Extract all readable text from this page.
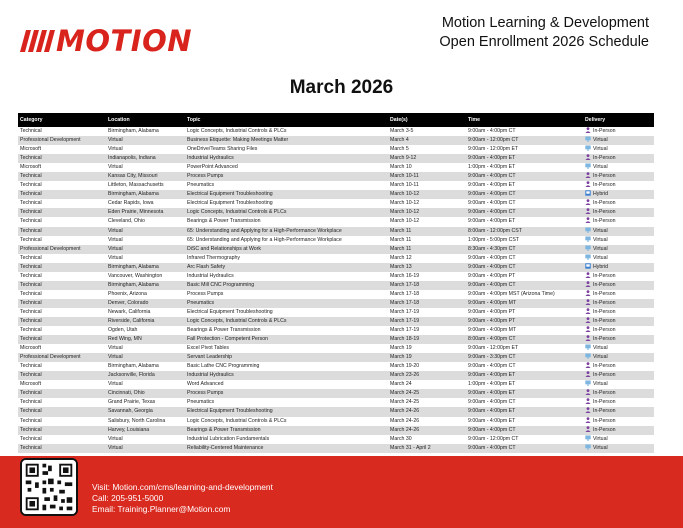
MOTION
Motion Learning & Development
Open Enrollment 2026 Schedule
March 2026
Category	Location	Topic	Date(s)	Time	Delivery
Technical	Birmingham, Alabama	Logic Concepts, Industrial Controls & PLCs	March 3-5	9:00am - 4:00pm CT	In-Person
Professional Development	Virtual	Business Etiquette: Making Meetings Matter	March 4	9:00am - 12:00pm CT	Virtual
Microsoft	Virtual	OneDrive/Teams Sharing Files	March 5	9:00am - 12:00pm ET	Virtual
Technical	Indianapolis, Indiana	Industrial Hydraulics	March 9-12	9:00am - 4:00pm ET	In-Person
Microsoft	Virtual	PowerPoint Advanced	March 10	1:00pm - 4:00pm ET	Virtual
Technical	Kansas City, Missouri	Process Pumps	March 10-11	9:00am - 4:00pm CT	In-Person
Technical	Littleton, Massachusetts	Pneumatics	March 10-11	9:00am - 4:00pm ET	In-Person
Technical	Birmingham, Alabama	Electrical Equipment Troubleshooting	March 10-12	9:00am - 4:00pm CT	Hybrid
Technical	Cedar Rapids, Iowa	Electrical Equipment Troubleshooting	March 10-12	9:00am - 4:00pm CT	In-Person
Technical	Eden Prairie, Minnesota	Logic Concepts, Industrial Controls & PLCs	March 10-12	9:00am - 4:00pm CT	In-Person
Technical	Cleveland, Ohio	Bearings & Power Transmission	March 10-12	9:00am - 4:00pm ET	In-Person
Technical	Virtual	65: Understanding and Applying for a High-Performance Workplace	March 11	8:00am - 12:00pm CST	Virtual
Technical	Virtual	65: Understanding and Applying for a High-Performance Workplace	March 11	1:00pm - 5:00pm CST	Virtual
Professional Development	Virtual	DiSC and Relationships at Work	March 11	8:30am - 4:30pm CT	Virtual
Technical	Virtual	Infrared Thermography	March 12	9:00am - 4:00pm CT	Virtual
Technical	Birmingham, Alabama	Arc Flash Safety	March 13	9:00am - 4:00pm CT	Hybrid
Technical	Vancouver, Washington	Industrial Hydraulics	March 16-19	9:00am - 4:00pm PT	In-Person
Technical	Birmingham, Alabama	Basic Mill CNC Programming	March 17-18	9:00am - 4:00pm CT	In-Person
Technical	Phoenix, Arizona	Process Pumps	March 17-18	9:00am - 4:00pm MST (Arizona Time)	In-Person
Technical	Denver, Colorado	Pneumatics	March 17-18	9:00am - 4:00pm MT	In-Person
Technical	Newark, California	Electrical Equipment Troubleshooting	March 17-19	9:00am - 4:00pm PT	In-Person
Technical	Riverside, California	Logic Concepts, Industrial Controls & PLCs	March 17-19	9:00am - 4:00pm PT	In-Person
Technical	Ogden, Utah	Bearings & Power Transmission	March 17-19	9:00am - 4:00pm MT	In-Person
Technical	Red Wing, MN	Fall Protection - Competent Person	March 18-19	8:00am - 4:00pm CT	In-Person
Microsoft	Virtual	Excel Pivot Tables	March 19	9:00am - 12:00pm ET	Virtual
Professional Development	Virtual	Servant Leadership	March 19	9:00am - 3:30pm CT	Virtual
Technical	Birmingham, Alabama	Basic Lathe CNC Programming	March 19-20	9:00am - 4:00pm CT	In-Person
Technical	Jacksonville, Florida	Industrial Hydraulics	March 23-26	9:00am - 4:00pm ET	In-Person
Microsoft	Virtual	Word Advanced	March 24	1:00pm - 4:00pm ET	Virtual
Technical	Cincinnati, Ohio	Process Pumps	March 24-25	9:00am - 4:00pm ET	In-Person
Technical	Grand Prairie, Texas	Pneumatics	March 24-25	9:00am - 4:00pm CT	In-Person
Technical	Savannah, Georgia	Electrical Equipment Troubleshooting	March 24-26	9:00am - 4:00pm ET	In-Person
Technical	Salisbury, North Carolina	Logic Concepts, Industrial Controls & PLCs	March 24-26	9:00am - 4:00pm ET	In-Person
Technical	Harvey, Louisiana	Bearings & Power Transmission	March 24-26	9:00am - 4:00pm CT	In-Person
Technical	Virtual	Industrial Lubrication Fundamentals	March 30	9:00am - 12:00pm CT	Virtual
Technical	Virtual	Reliability-Centered Maintenance	March 31 - April 2	9:00am - 4:00pm CT	Virtual
Visit: Motion.com/cms/learning-and-development
Call: 205-951-5000
Email: Training.Planner@Motion.com
